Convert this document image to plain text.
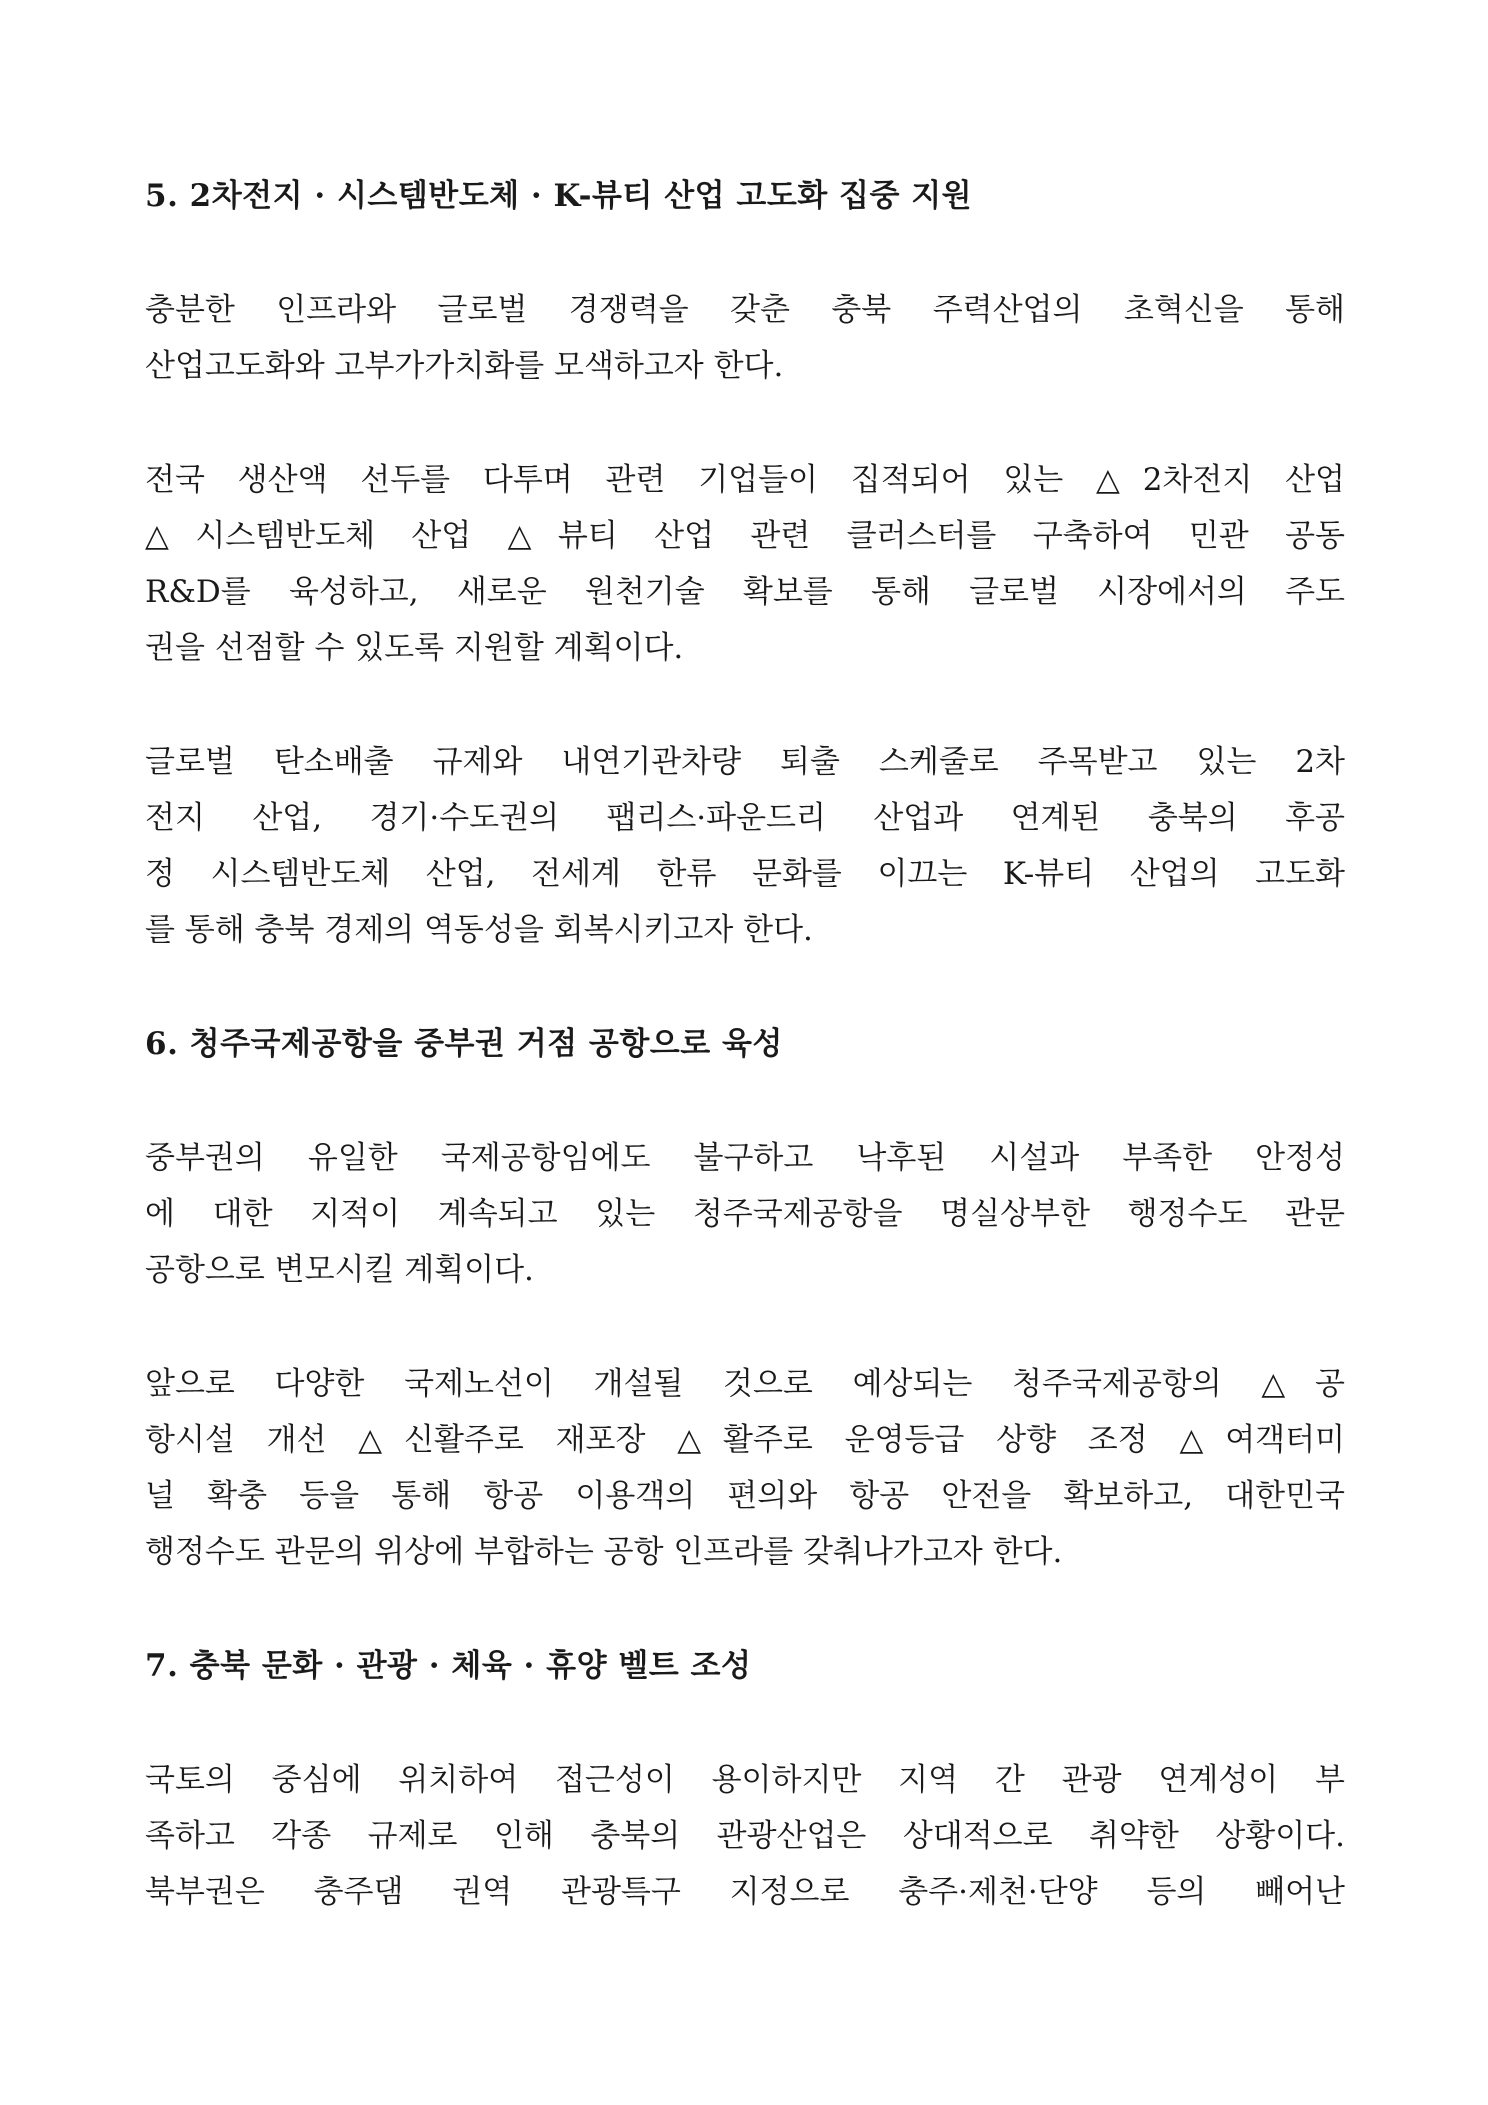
5. 2차전지 · 시스템반도체 · K-뷰티 산업 고도화 집중 지원

충분한 인프라와 글로벌 경쟁력을 갖춘 충북 주력산업의 초혁신을 통해
산업고도화와 고부가가치화를 모색하고자 한다.

전국 생산액 선두를 다투며 관련 기업들이 집적되어 있는 △2차전지 산업
△시스템반도체 산업 △뷰티 산업 관련 클러스터를 구축하여 민관 공동
R&D를 육성하고, 새로운 원천기술 확보를 통해 글로벌 시장에서의 주도
권을 선점할 수 있도록 지원할 계획이다.

글로벌 탄소배출 규제와 내연기관차량 퇴출 스케줄로 주목받고 있는 2차
전지 산업, 경기·수도권의 팹리스·파운드리 산업과 연계된 충북의 후공
정 시스템반도체 산업, 전세계 한류 문화를 이끄는 K-뷰티 산업의 고도화
를 통해 충북 경제의 역동성을 회복시키고자 한다.

6. 청주국제공항을 중부권 거점 공항으로 육성

중부권의 유일한 국제공항임에도 불구하고 낙후된 시설과 부족한 안정성
에 대한 지적이 계속되고 있는 청주국제공항을 명실상부한 행정수도 관문
공항으로 변모시킬 계획이다.

앞으로 다양한 국제노선이 개설될 것으로 예상되는 청주국제공항의 △공
항시설 개선 △신활주로 재포장 △활주로 운영등급 상향 조정 △여객터미
널 확충 등을 통해 항공 이용객의 편의와 항공 안전을 확보하고, 대한민국
행정수도 관문의 위상에 부합하는 공항 인프라를 갖춰나가고자 한다.

7. 충북 문화 · 관광 · 체육 · 휴양 벨트 조성

국토의 중심에 위치하여 접근성이 용이하지만 지역 간 관광 연계성이 부
족하고 각종 규제로 인해 충북의 관광산업은 상대적으로 취약한 상황이다.
북부권은 충주댐 권역 관광특구 지정으로 충주·제천·단양 등의 빼어난
